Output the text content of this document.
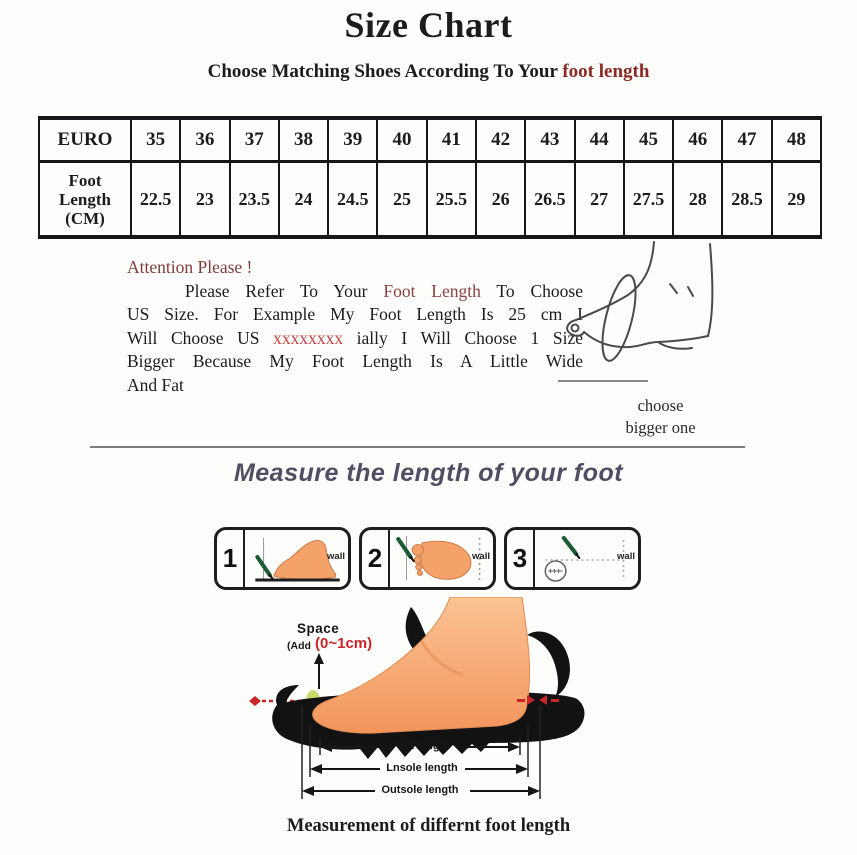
Size Chart
Choose Matching Shoes According To Your foot length
EURO	35	36	37	38	39	40	41	42	43	44	45	46	47	48

Foot
Length
(CM)	22.5	23	23.5	24	24.5	25	25.5	26	26.5	27	27.5	28	28.5	29
Attention Please !
Please Refer To Your Foot Length To Choose
US Size. For Example My Foot Length Is 25 cm I
Will Choose US xxxxxxxx ially I Will Choose 1 Size
Bigger Because My Foot Length Is A Little Wide
And Fat
choose
bigger one
Measure the length of your foot
1	wall 2	wall 3	wall
Space
(Add (0~1cm)
Foot length
Lnsole length
Outsole length
Measurement of differnt foot length
